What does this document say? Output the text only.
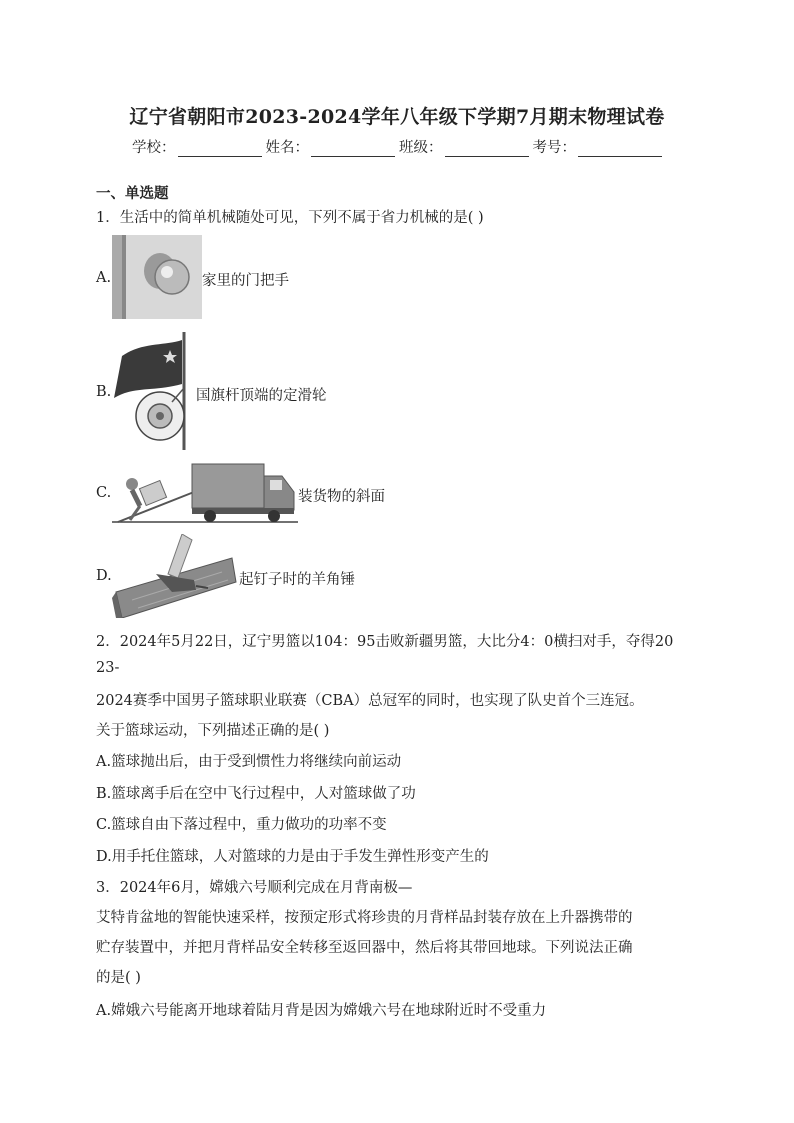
辽宁省朝阳市2023-2024学年八年级下学期7月期末物理试卷
学校：	姓名：	班级：	考号：
一、单选题
1．生活中的简单机械随处可见，下列不属于省力机械的是( )
A.	家里的门把手
B.	国旗杆顶端的定滑轮
C.	装货物的斜面
D.	起钉子时的羊角锤
2．2024年5月22日，辽宁男篮以104：95击败新疆男篮，大比分4：0横扫对手，夺得20
23-
2024赛季中国男子篮球职业联赛（CBA）总冠军的同时，也实现了队史首个三连冠。
关于篮球运动，下列描述正确的是( )
A.篮球抛出后，由于受到惯性力将继续向前运动
B.篮球离手后在空中飞行过程中，人对篮球做了功
C.篮球自由下落过程中，重力做功的功率不变
D.用手托住篮球，人对篮球的力是由于手发生弹性形变产生的
3．2024年6月，嫦娥六号顺利完成在月背南极—
艾特肯盆地的智能快速采样，按预定形式将珍贵的月背样品封装存放在上升器携带的
贮存装置中，并把月背样品安全转移至返回器中，然后将其带回地球。下列说法正确
的是( )
A.嫦娥六号能离开地球着陆月背是因为嫦娥六号在地球附近时不受重力
